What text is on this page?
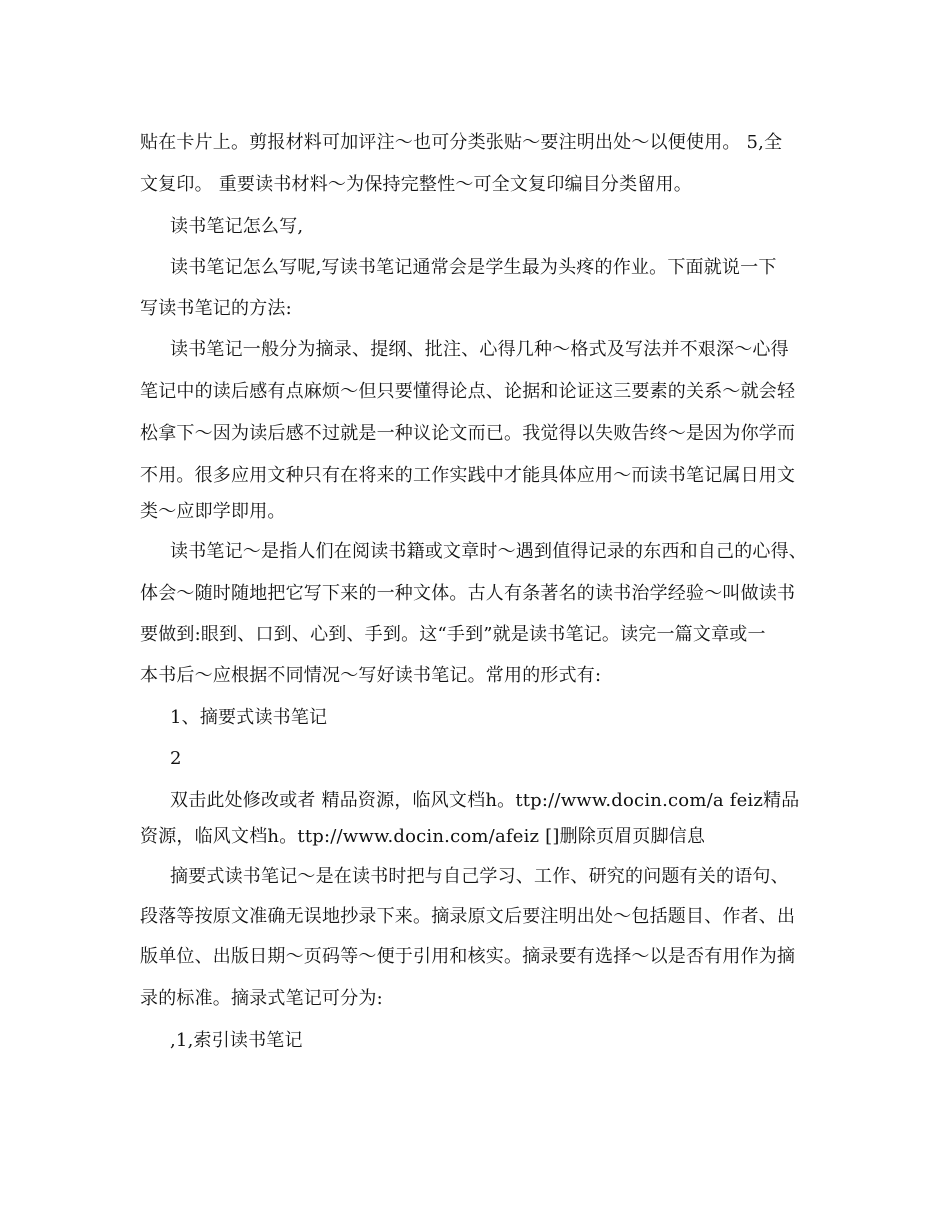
贴在卡片上。剪报材料可加评注～也可分类张贴～要注明出处～以便使用。 5,全
文复印。 重要读书材料～为保持完整性～可全文复印编目分类留用。
读书笔记怎么写,
读书笔记怎么写呢,写读书笔记通常会是学生最为头疼的作业。下面就说一下
写读书笔记的方法:
读书笔记一般分为摘录、提纲、批注、心得几种～格式及写法并不艰深～心得
笔记中的读后感有点麻烦～但只要懂得论点、论据和论证这三要素的关系～就会轻
松拿下～因为读后感不过就是一种议论文而已。我觉得以失败告终～是因为你学而
不用。很多应用文种只有在将来的工作实践中才能具体应用～而读书笔记属日用文
类～应即学即用。
读书笔记～是指人们在阅读书籍或文章时～遇到值得记录的东西和自己的心得、
体会～随时随地把它写下来的一种文体。古人有条著名的读书治学经验～叫做读书
要做到:眼到、口到、心到、手到。这“手到”就是读书笔记。读完一篇文章或一
本书后～应根据不同情况～写好读书笔记。常用的形式有:
1、摘要式读书笔记
2
双击此处修改或者 精品资源，临风文档h。ttp://www.docin.com/a feiz精品
资源，临风文档h。ttp://www.docin.com/afeiz []删除页眉页脚信息
摘要式读书笔记～是在读书时把与自己学习、工作、研究的问题有关的语句、
段落等按原文准确无误地抄录下来。摘录原文后要注明出处～包括题目、作者、出
版单位、出版日期～页码等～便于引用和核实。摘录要有选择～以是否有用作为摘
录的标准。摘录式笔记可分为:
,1,索引读书笔记
